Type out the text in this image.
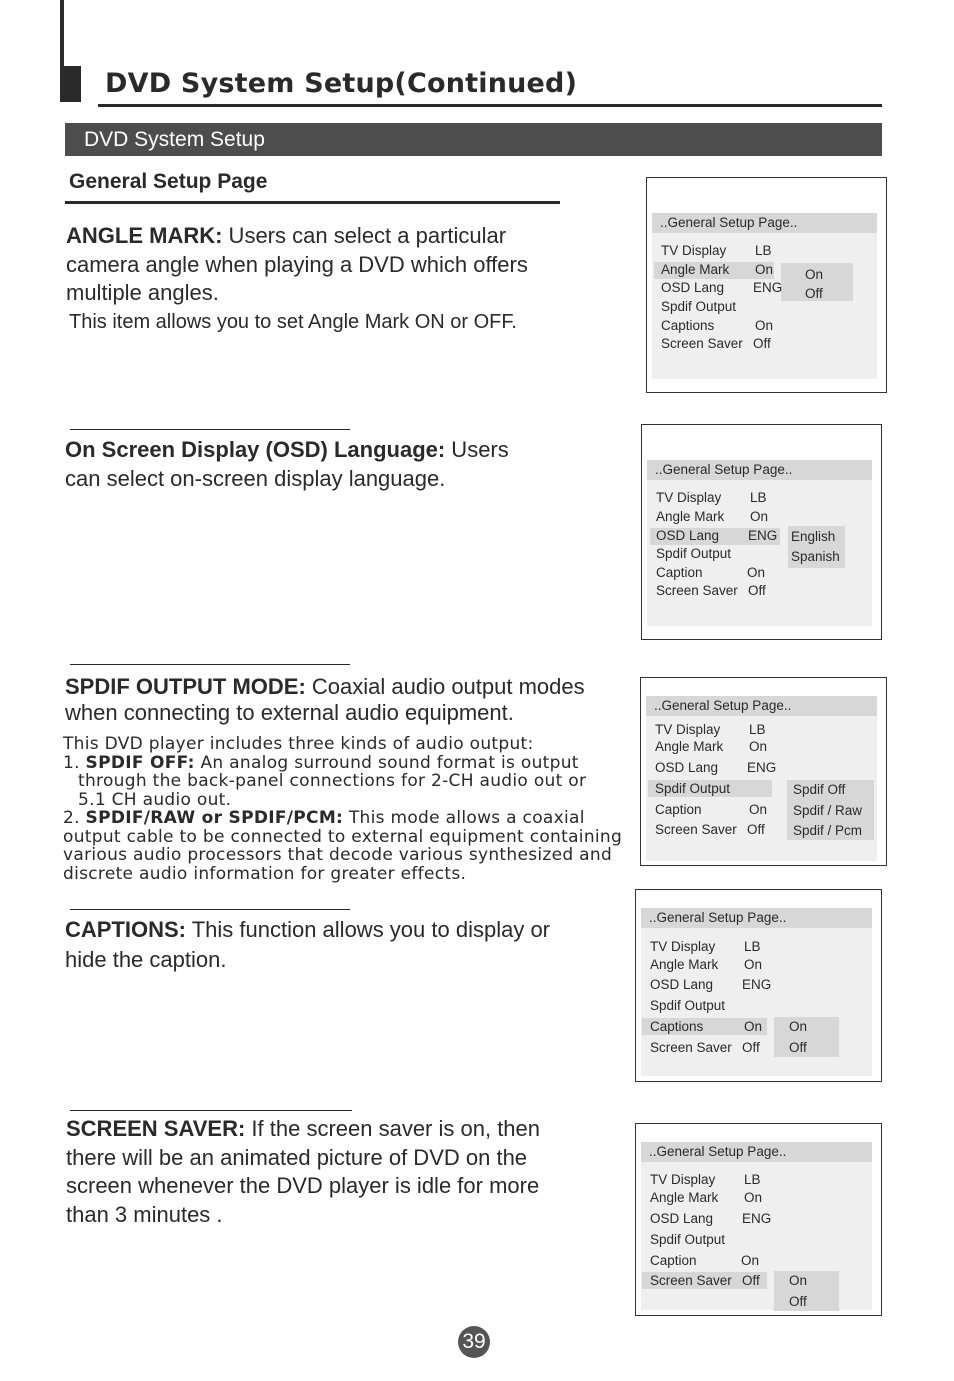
DVD System Setup(Continued)
DVD System Setup
General Setup Page
ANGLE MARK: Users can select a particular
camera angle when playing a DVD which offers
multiple angles.
This item allows you to set Angle Mark ON or OFF.
..General Setup Page..
TV Display
Angle Mark
OSD Lang
Spdif Output
Captions
Screen Saver
LB
On
ENG
On
Off
On
Off
On Screen Display (OSD) Language: Users
can select on-screen display language.	..General Setup Page..
TV Display
Angle Mark
OSD Lang
Spdif Output
Caption
Screen Saver
LB
On
ENG
On
Off
English
Spanish
SPDIF OUTPUT MODE: Coaxial audio output modes
when connecting to external audio equipment.
This DVD player includes three kinds of audio output:
1. SPDIF OFF: An analog surround sound format is output
through the back-panel connections for 2-CH audio out or
5.1 CH audio out.
2. SPDIF/RAW or SPDIF/PCM: This mode allows a coaxial
output cable to be connected to external equipment containing
various audio processors that decode various synthesized and
discrete audio information for greater effects.
..General Setup Page..
TV Display
Angle Mark
OSD Lang
Spdif Output
Caption
Screen Saver
LB
On
ENG
On
Off
Spdif Off
Spdif / Raw
Spdif / Pcm
CAPTIONS: This function allows you to display or
hide the caption.
..General Setup Page..
TV Display
Angle Mark
OSD Lang
Spdif Output
Captions
Screen Saver
LB
On
ENG
On
Off
On
Off
SCREEN SAVER: If the screen saver is on, then
there will be an animated picture of DVD on the
screen whenever the DVD player is idle for more
than 3 minutes .
..General Setup Page..
TV Display
Angle Mark
OSD Lang
Spdif Output
Caption
Screen Saver
LB
On
ENG
On
Off On
Off
39
